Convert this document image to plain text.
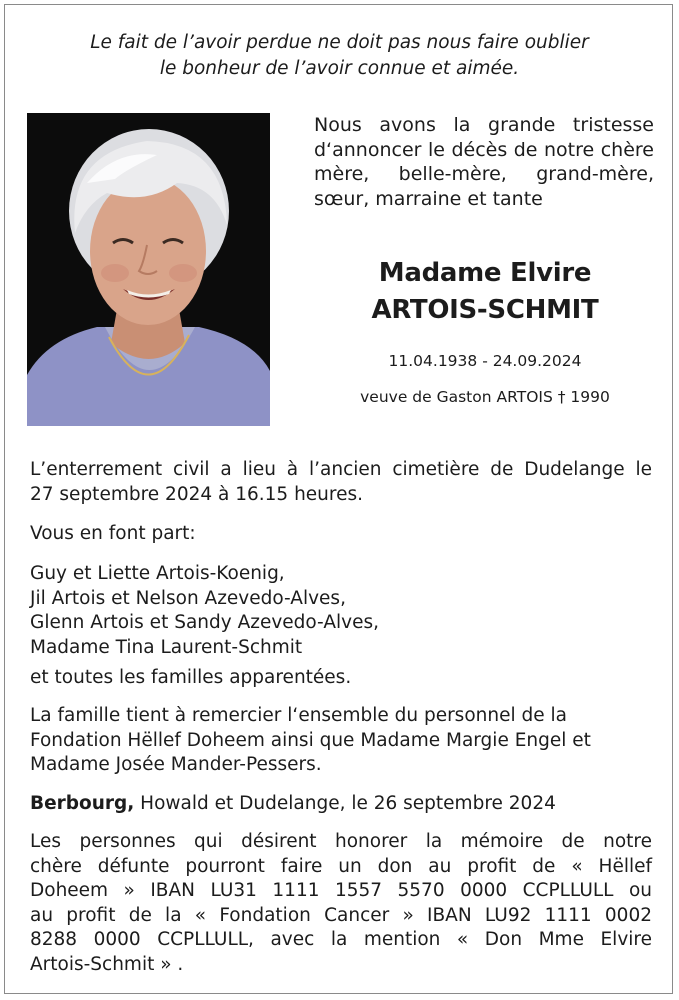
Le fait de l’avoir perdue ne doit pas nous faire oublier
le bonheur de l’avoir connue et aimée.
Nous avons la grande tristesse
d‘annoncer le décès de notre chère
mère, belle-mère, grand-mère,
sœur, marraine et tante
Madame Elvire
ARTOIS-SCHMIT
11.04.1938 - 24.09.2024
veuve de Gaston ARTOIS † 1990
L’enterrement civil a lieu à l’ancien cimetière de Dudelange le
27 septembre 2024 à 16.15 heures.
Vous en font part:
Guy et Liette Artois-Koenig,
Jil Artois et Nelson Azevedo-Alves,
Glenn Artois et Sandy Azevedo-Alves,
Madame Tina Laurent-Schmit
et toutes les familles apparentées.
La famille tient à remercier l‘ensemble du personnel de la
Fondation Hëllef Doheem ainsi que Madame Margie Engel et
Madame Josée Mander-Pessers.
Berbourg, Howald et Dudelange, le 26 septembre 2024
Les personnes qui désirent honorer la mémoire de notre
chère défunte pourront faire un don au profit de « Hëllef
Doheem » IBAN LU31 1111 1557 5570 0000 CCPLLULL ou
au profit de la « Fondation Cancer » IBAN LU92 1111 0002
8288 0000 CCPLLULL, avec la mention « Don Mme Elvire
Artois-Schmit » .
